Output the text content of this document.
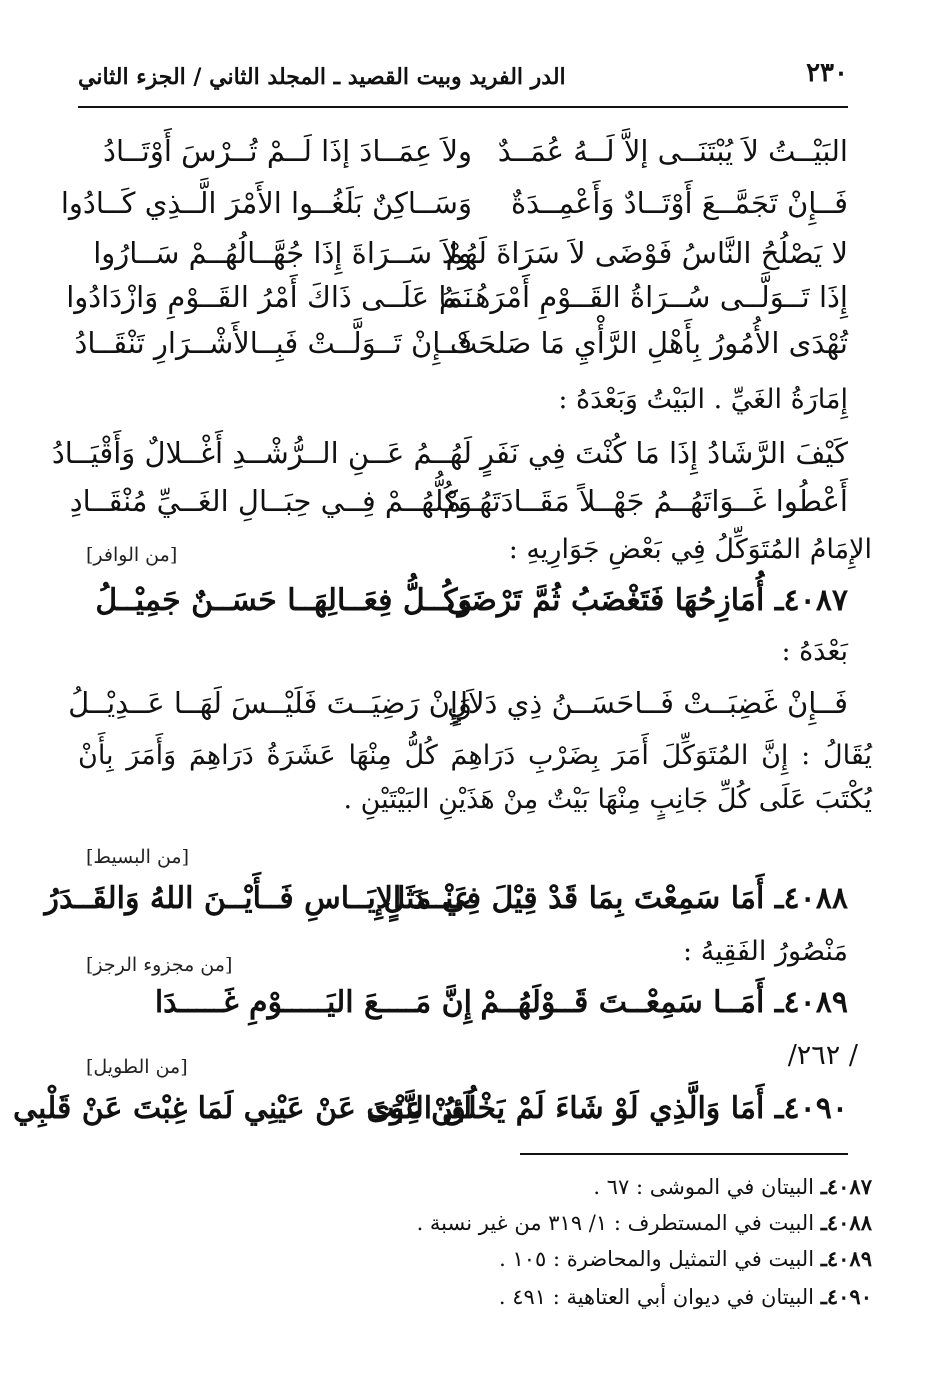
٢٣٠
الدر الفريد وبيت القصيد ـ المجلد الثاني / الجزء الثاني
البَيْــتُ لاَ يُبْتَنَــى إلاَّ لَــهُ عُمَــدٌ
ولاَ عِمَــادَ إذَا لَــمْ تُــرْسَ أَوْتَــادُ
فَــإِنْ تَجَمَّــعَ أَوْتَــادٌ وَأَعْمِــدَةٌ
وَسَــاكِنٌ بَلَغُــوا الأَمْرَ الَّــذِي كَــادُوا
لا يَصْلُحُ النَّاسُ فَوْضَى لاَ سَرَاةَ لَهُمْ
ولاَ سَــرَاةَ إِذَا جُهَّــالُهُــمْ سَــارُوا
إِذَا تَــوَلَّــى سُــرَاةُ القَــوْمِ أَمْرَهُــمُ
نَمَا عَلَــى ذَاكَ أَمْرُ القَــوْمِ وَازْدَادُوا
تُهْدَى الأُمُورُ بِأَهْلِ الرَّأْيِ مَا صَلحَتْ
فَــإِنْ تَــوَلَّــتْ فَبِــالأَشْــرَارِ تَنْقَــادُ
إِمَارَةُ الغَيِّ . البَيْتُ وَبَعْدَهُ :
كَيْفَ الرَّشَادُ إِذَا مَا كُنْتَ فِي نَفَرٍ
لَهُــمُ عَــنِ الــرُّشْــدِ أَغْــلالٌ وَأَقْيَــادُ
أَعْطُوا غَــوَاتَهُــمُ جَهْــلاً مَقَــادَتَهُــمْ
وَكُلُّهُــمْ فِــي حِبَــالِ الغَــيِّ مُنْقَــادِ
الإِمَامُ المُتَوَكِّلُ فِي بَعْضِ جَوَارِيهِ :
[من الوافر]
٤٠٨٧ـ أُمَازِحُهَا فَتَغْضَبُ ثُمَّ تَرْضَى
وَكُــلُّ فِعَــالِهَــا حَسَــنٌ جَمِيْــلُ
بَعْدَهُ :
فَــإِنْ غَضِبَــتْ فَــاحَسَــنُ ذِي دَلاَلٍ
وَإِنْ رَضِيَــتَ فَلَيْــسَ لَهَــا عَــدِيْــلُ
يُقَالُ : إِنَّ المُتَوَكِّلَ أَمَرَ بِضَرْبِ دَرَاهِمَ كُلُّ مِنْهَا عَشَرَةُ دَرَاهِمَ وَأَمَرَ بِأَنْ يُكْتَبَ عَلَى كُلِّ جَانِبٍ مِنْهَا بَيْتٌ مِنْ هَذَيْنِ البَيْتَيْنِ .
[من البسيط]
٤٠٨٨ـ أَمَا سَمِعْتَ بِمَا قَدْ قِيْلَ فِي مَثَلٍ
عَنْــدَ الإِيَــاسِ فَــأَيْــنَ اللهُ وَالقَــدَرُ
مَنْصُورُ الفَقِيهُ :
[من مجزوء الرجز]
٤٠٨٩ـ أَمَــا سَمِعْــتَ قَــوْلَهُــمْ
إِنَّ مَــــعَ اليَـــــوْمِ غَـــــدَا
/ ٢٦٢/
[من الطويل]
٤٠٩٠ـ أَمَا وَالَّذِي لَوْ شَاءَ لَمْ يَخْلُقُ النَّوَى
لَئِنْ غِبْتَ عَنْ عَيْنِي لَمَا غِبْتَ عَنْ قَلْبِي
٤٠٨٧ـ البيتان في الموشى : ٦٧ .
٤٠٨٨ـ البيت في المستطرف : ١/ ٣١٩ من غير نسبة .
٤٠٨٩ـ البيت في التمثيل والمحاضرة : ١٠٥ .
٤٠٩٠ـ البيتان في ديوان أبي العتاهية : ٤٩١ .
